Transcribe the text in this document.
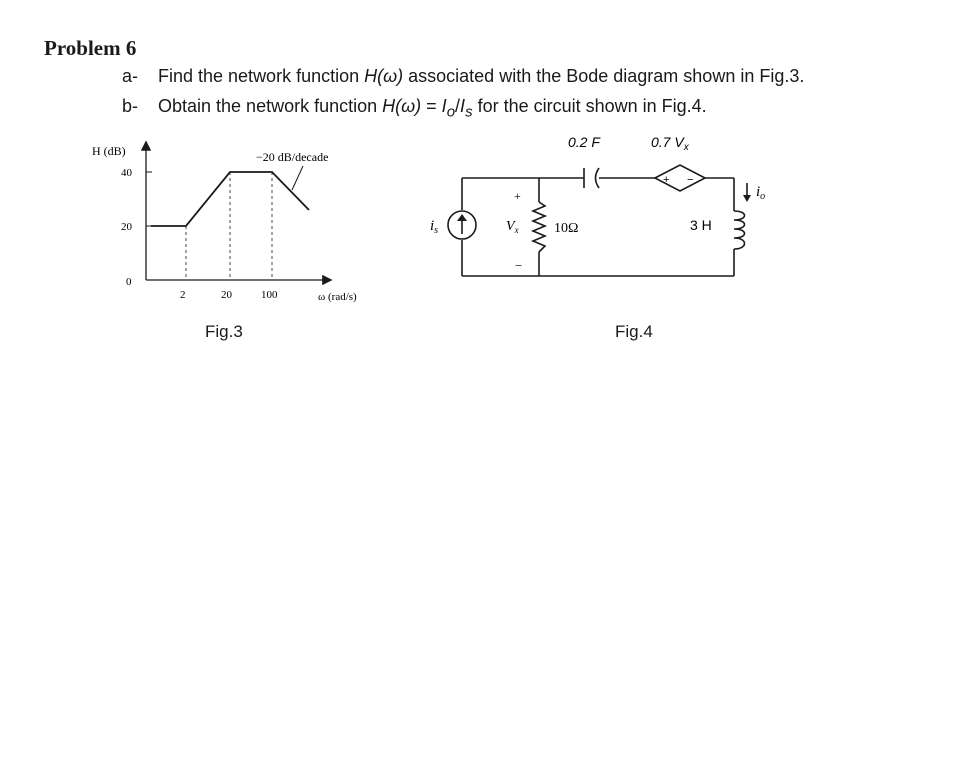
Problem 6
a- Find the network function H(ω) associated with the Bode diagram shown in Fig.3.
b- Obtain the network function $H(\omega) = I_o/I_s$ for the circuit shown in Fig.4.
H (dB)
40
20
0
2	20	100	ω (rad/s)
−20 dB/decade
0.2 F	0.7 $V_x$
+ −
10Ω	3 H
+
$V_x$
−
$i_s$
$i_o$
Fig.3	Fig.4
